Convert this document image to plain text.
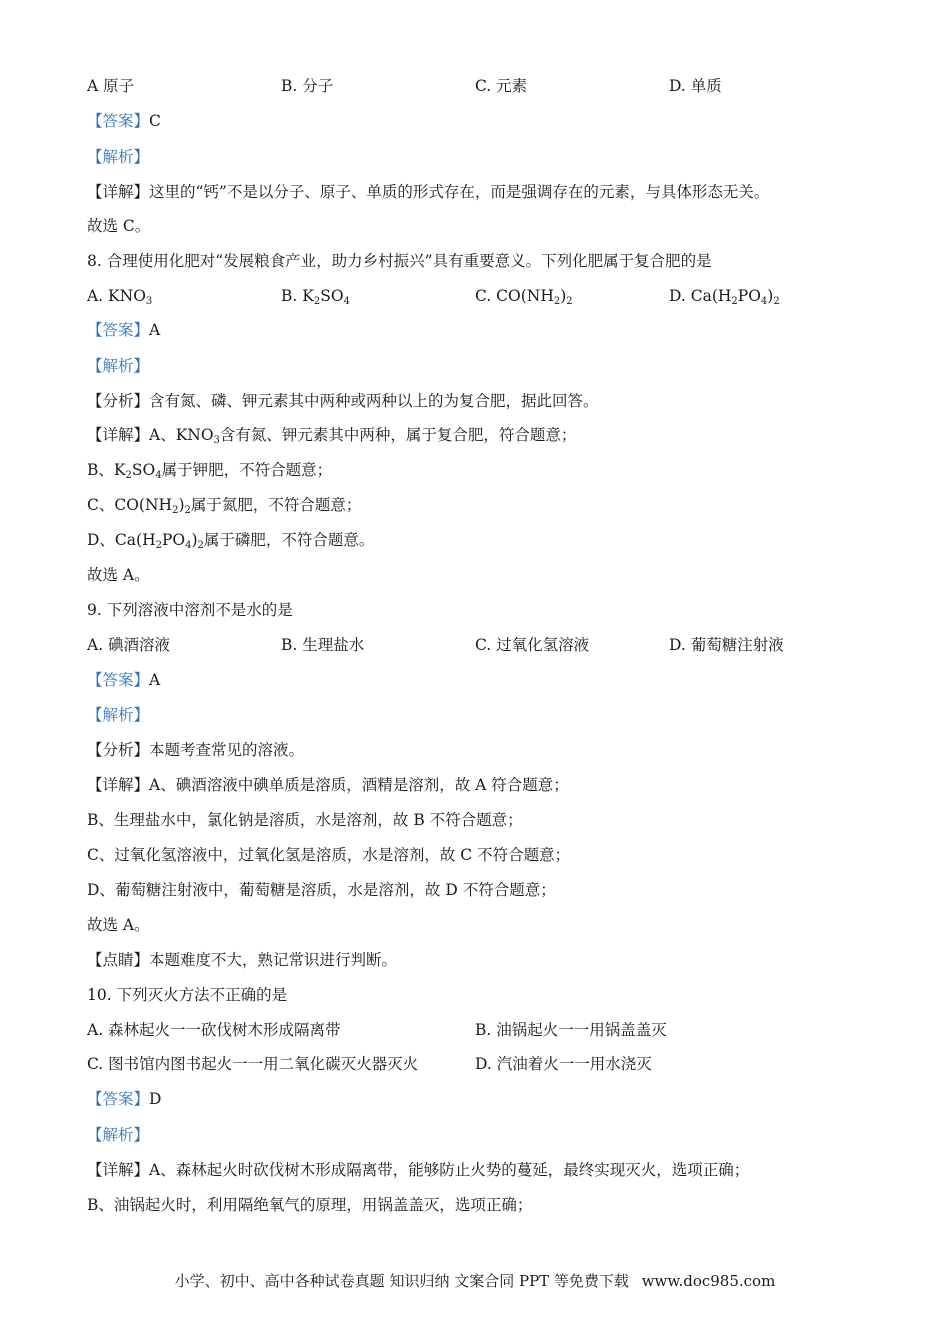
A 原子	B. 分子	C. 元素	D. 单质
【答案】C
【解析】
【详解】这里的“钙”不是以分子、原子、单质的形式存在，而是强调存在的元素，与具体形态无关。
故选 C。
8. 合理使用化肥对“发展粮食产业，助力乡村振兴”具有重要意义。下列化肥属于复合肥的是
A. $KNO_3$	B. $K_2SO_4$	C. $CO(NH_2)_2$	D. $Ca(H_2PO_4)_2$
【答案】A
【解析】
【分析】含有氮、磷、钾元素其中两种或两种以上的为复合肥，据此回答。
【详解】A、$KNO_3$含有氮、钾元素其中两种，属于复合肥，符合题意；
B、$K_2SO_4$属于钾肥，不符合题意；
C、$CO(NH_2)_2$属于氮肥，不符合题意；
D、$Ca(H_2PO_4)_2$属于磷肥，不符合题意。
故选 A。
9. 下列溶液中溶剂不是水的是
A. 碘酒溶液	B. 生理盐水	C. 过氧化氢溶液	D. 葡萄糖注射液
【答案】A
【解析】
【分析】本题考查常见的溶液。
【详解】A、碘酒溶液中碘单质是溶质，酒精是溶剂，故 A 符合题意；
B、生理盐水中，氯化钠是溶质，水是溶剂，故 B 不符合题意；
C、过氧化氢溶液中，过氧化氢是溶质，水是溶剂，故 C 不符合题意；
D、葡萄糖注射液中，葡萄糖是溶质，水是溶剂，故 D 不符合题意；
故选 A。
【点睛】本题难度不大，熟记常识进行判断。
10. 下列灭火方法不正确的是
A. 森林起火一一砍伐树木形成隔离带	B. 油锅起火一一用锅盖盖灭
C. 图书馆内图书起火一一用二氧化碳灭火器灭火	D. 汽油着火一一用水浇灭
【答案】D
【解析】
【详解】A、森林起火时砍伐树木形成隔离带，能够防止火势的蔓延，最终实现灭火，选项正确；
B、油锅起火时，利用隔绝氧气的原理，用锅盖盖灭，选项正确；
小学、初中、高中各种试卷真题 知识归纳 文案合同 PPT 等免费下载 www.doc985.com
